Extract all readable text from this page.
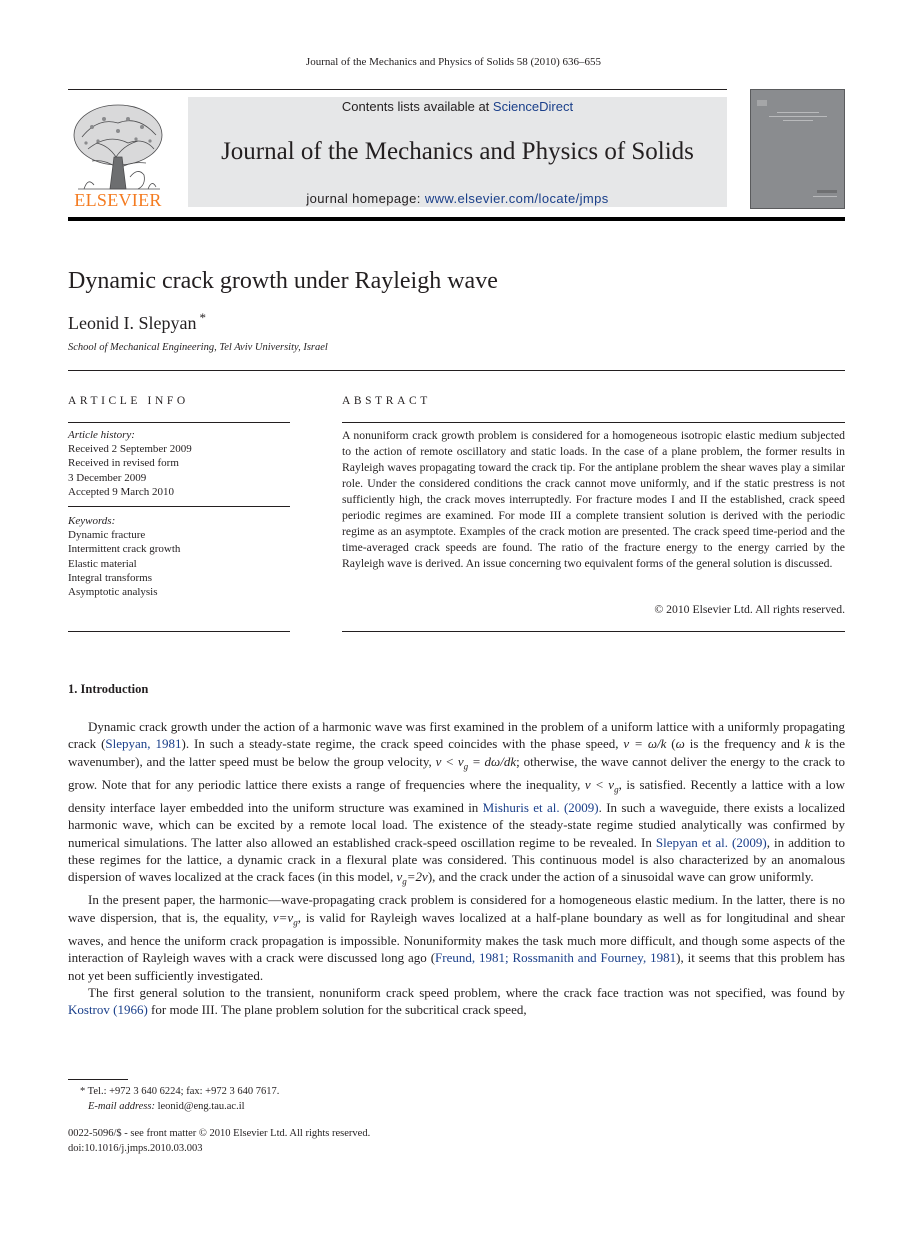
Journal of the Mechanics and Physics of Solids 58 (2010) 636–655
ELSEVIER
Contents lists available at ScienceDirect
Journal of the Mechanics and Physics of Solids
journal homepage: www.elsevier.com/locate/jmps
Dynamic crack growth under Rayleigh wave
Leonid I. Slepyan *
School of Mechanical Engineering, Tel Aviv University, Israel
ARTICLE INFO	ABSTRACT
Article history:
Received 2 September 2009
Received in revised form
3 December 2009
Accepted 9 March 2010
Keywords:
Dynamic fracture
Intermittent crack growth
Elastic material
Integral transforms
Asymptotic analysis
A nonuniform crack growth problem is considered for a homogeneous isotropic elastic medium subjected to the action of remote oscillatory and static loads. In the case of a plane problem, the former results in Rayleigh waves propagating toward the crack tip. For the antiplane problem the shear waves play a similar role. Under the considered conditions the crack cannot move uniformly, and if the static prestress is not sufficiently high, the crack moves interruptedly. For fracture modes I and II the established, crack speed periodic regimes are examined. For mode III a complete transient solution is derived with the periodic regime as an asymptote. Examples of the crack motion are presented. The crack speed time-period and the time-averaged crack speeds are found. The ratio of the fracture energy to the energy carried by the Rayleigh wave is derived. An issue concerning two equivalent forms of the general solution is discussed.
© 2010 Elsevier Ltd. All rights reserved.
1. Introduction

Dynamic crack growth under the action of a harmonic wave was first examined in the problem of a uniform lattice with a uniformly propagating crack (Slepyan, 1981). In such a steady-state regime, the crack speed coincides with the phase speed, v = ω/k (ω is the frequency and k is the wavenumber), and the latter speed must be below the group velocity, $v < v_g = d\omega/dk$; otherwise, the wave cannot deliver the energy to the crack to grow. Note that for any periodic lattice there exists a range of frequencies where the inequality, $v < v_g$, is satisfied. Recently a lattice with a low density interface layer embedded into the uniform structure was examined in Mishuris et al. (2009). In such a waveguide, there exists a localized harmonic wave, which can be excited by a remote local load. The existence of the steady-state regime studied analytically was confirmed by numerical simulations. The latter also allowed an established crack-speed oscillation regime to be revealed. In Slepyan et al. (2009), in addition to these regimes for the lattice, a dynamic crack in a flexural plate was considered. This continuous model is also characterized by an anomalous dispersion of waves localized at the crack faces (in this model, $v_g=2v$), and the crack under the action of a sinusoidal wave can grow uniformly.

In the present paper, the harmonic—wave-propagating crack problem is considered for a homogeneous elastic medium. In the latter, there is no wave dispersion, that is, the equality, $v=v_g$, is valid for Rayleigh waves localized at a half-plane boundary as well as for longitudinal and shear waves, and hence the uniform crack propagation is impossible. Nonuniformity makes the task much more difficult, and though some aspects of the interaction of Rayleigh waves with a crack were discussed long ago (Freund, 1981; Rossmanith and Fourney, 1981), it seems that this problem has not yet been sufficiently investigated.

The first general solution to the transient, nonuniform crack speed problem, where the crack face traction was not specified, was found by Kostrov (1966) for mode III. The plane problem solution for the subcritical crack speed,

* Tel.: +972 3 640 6224; fax: +972 3 640 7617.
E-mail address: leonid@eng.tau.ac.il
0022-5096/$ - see front matter © 2010 Elsevier Ltd. All rights reserved.
doi:10.1016/j.jmps.2010.03.003
